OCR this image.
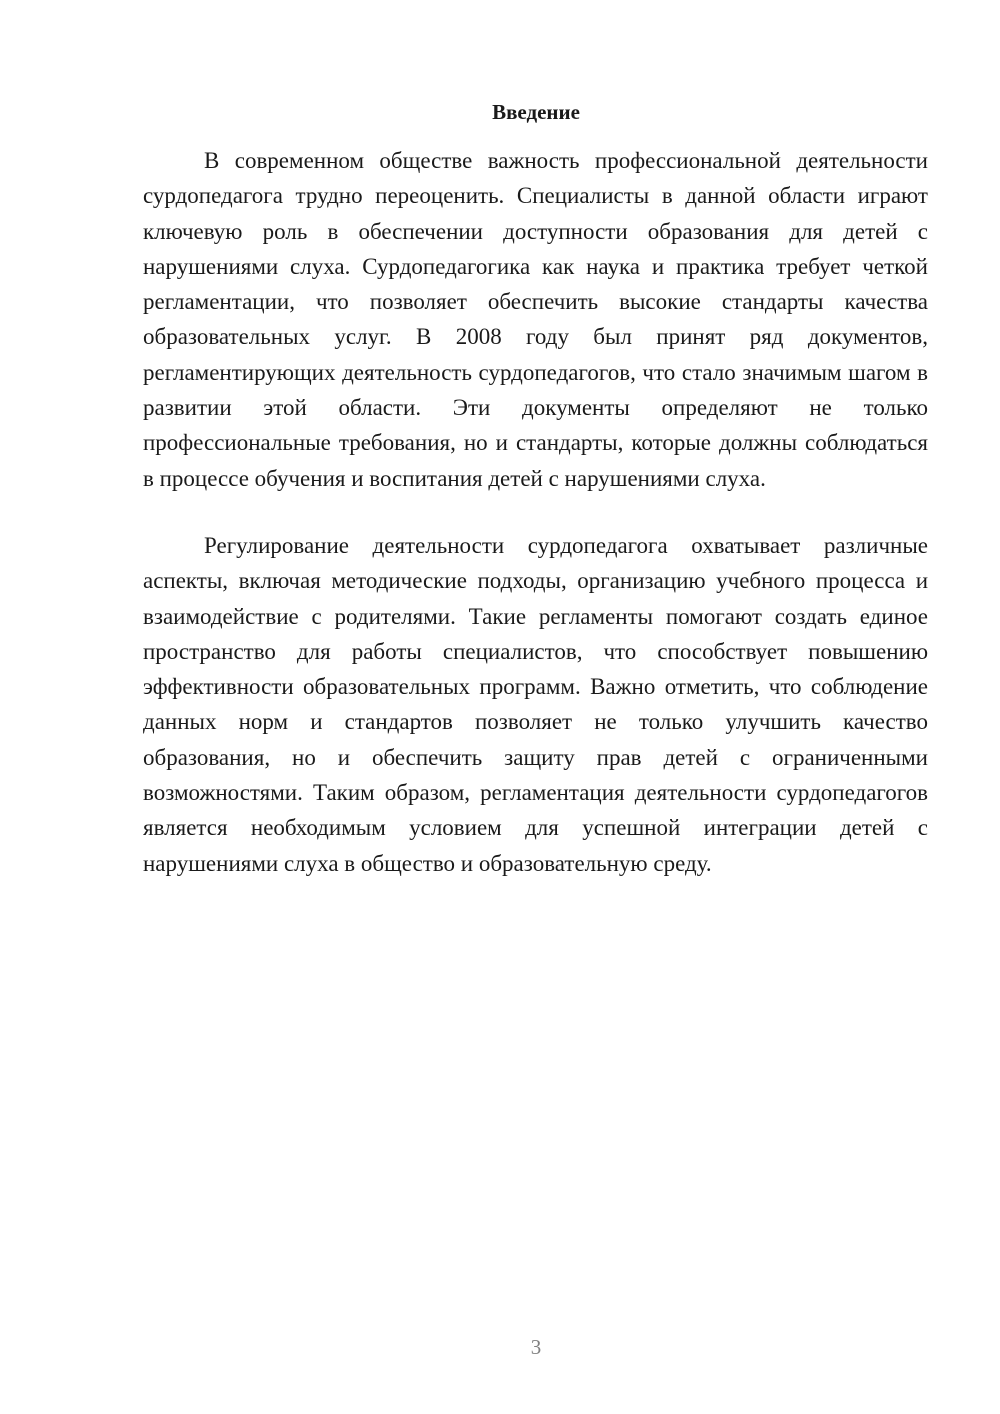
Введение

В современном обществе важность профессиональной деятельности сурдопедагога трудно переоценить. Специалисты в данной области играют ключевую роль в обеспечении доступности образования для детей с нарушениями слуха. Сурдопедагогика как наука и практика требует четкой регламентации, что позволяет обеспечить высокие стандарты качества образовательных услуг. В 2008 году был принят ряд документов, регламентирующих деятельность сурдопедагогов, что стало значимым шагом в развитии этой области. Эти документы определяют не только профессиональные требования, но и стандарты, которые должны соблюдаться в процессе обучения и воспитания детей с нарушениями слуха.

Регулирование деятельности сурдопедагога охватывает различные аспекты, включая методические подходы, организацию учебного процесса и взаимодействие с родителями. Такие регламенты помогают создать единое пространство для работы специалистов, что способствует повышению эффективности образовательных программ. Важно отметить, что соблюдение данных норм и стандартов позволяет не только улучшить качество образования, но и обеспечить защиту прав детей с ограниченными возможностями. Таким образом, регламентация деятельности сурдопедагогов является необходимым условием для успешной интеграции детей с нарушениями слуха в общество и образовательную среду.

3
